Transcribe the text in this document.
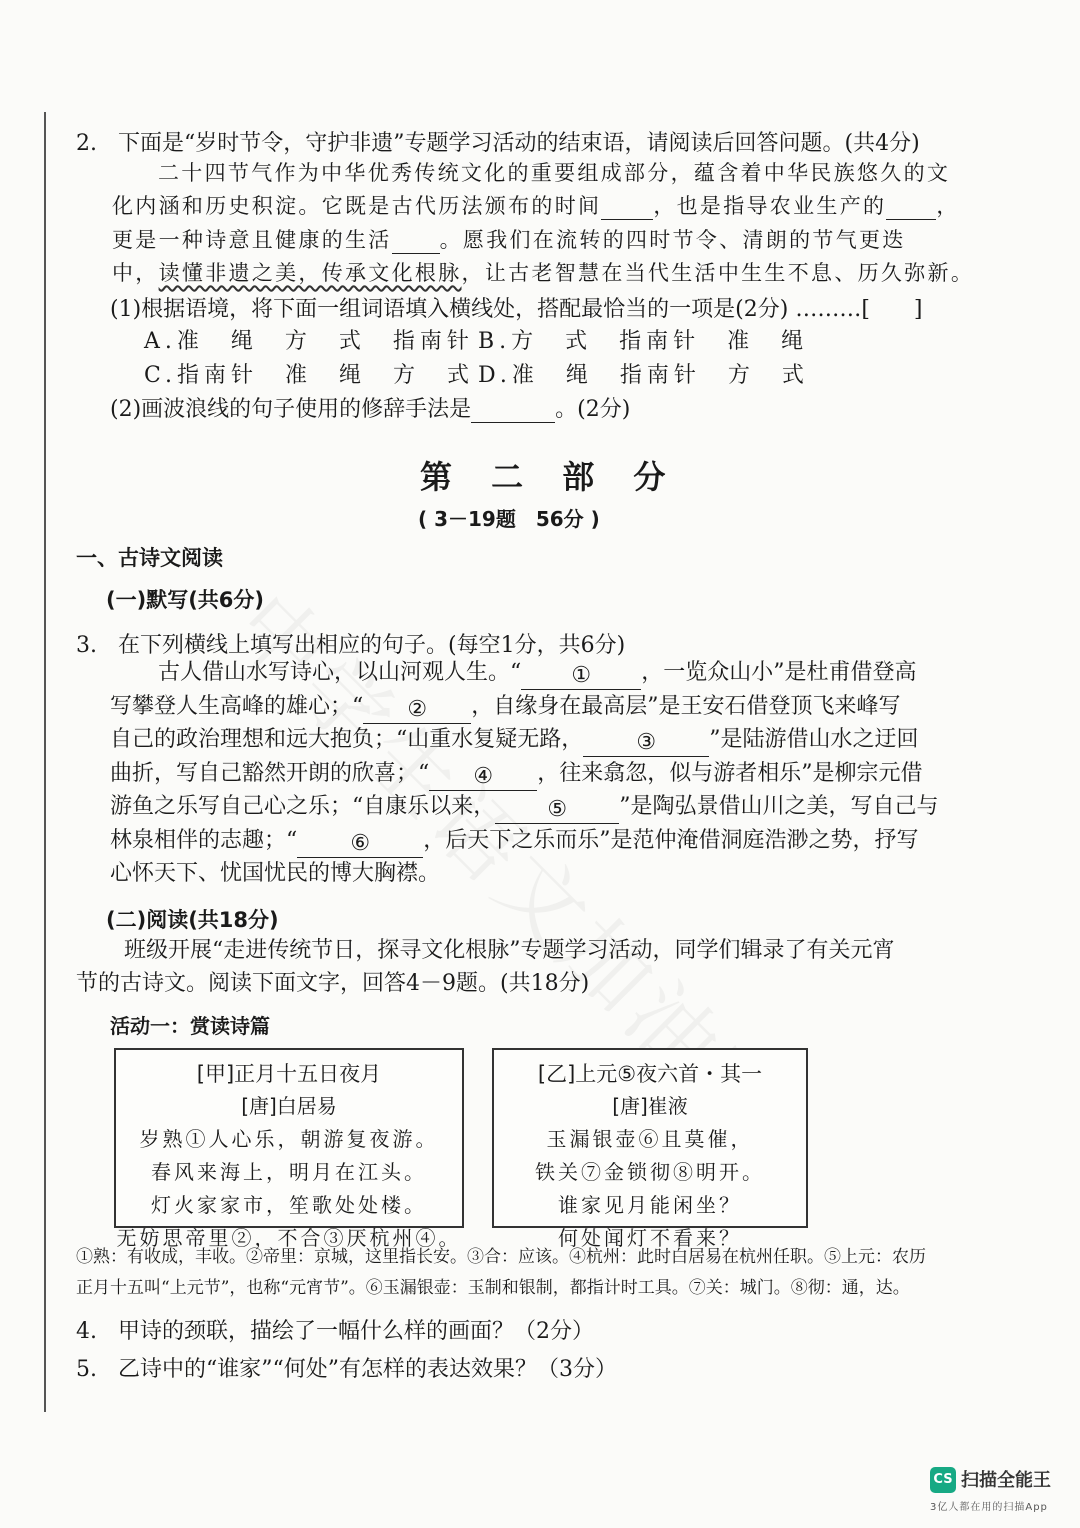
2. 下面是“岁时节令，守护非遗”专题学习活动的结束语，请阅读后回答问题。(共4分)
二十四节气作为中华优秀传统文化的重要组成部分，蕴含着中华民族悠久的文
化内涵和历史积淀。它既是古代历法颁布的时间 ，也是指导农业生产的 ，
更是一种诗意且健康的生活 。愿我们在流转的四时节令、清朗的节气更迭
中，读懂非遗之美，传承文化根脉，让古老智慧在当代生活中生生不息、历久弥新。
(1)根据语境，将下面一组词语填入横线处，搭配最恰当的一项是(2分) ………[　　]
A.准　绳　方　式　指南针 B.方　式　指南针　准　绳
C.指南针　准　绳　方　式 D.准　绳　指南针　方　式
(2)画波浪线的句子使用的修辞手法是	。(2分)
第 二 部 分
( 3－19题　56分 )
一、古诗文阅读
(一)默写(共6分)
3. 在下列横线上填写出相应的句子。(每空1分，共6分)
古人借山水写诗心，以山河观人生。“ ① ，一览众山小”是杜甫借登高
写攀登人生高峰的雄心；“ ② ，自缘身在最高层”是王安石借登顶飞来峰写
自己的政治理想和远大抱负；“山重水复疑无路， ③ ”是陆游借山水之迂回
曲折，写自己豁然开朗的欣喜；“ ④ ，往来翕忽，似与游者相乐”是柳宗元借
游鱼之乐写自己心之乐；“自康乐以来， ⑤ ”是陶弘景借山川之美，写自己与
林泉相伴的志趣；“ ⑥ ，后天下之乐而乐”是范仲淹借洞庭浩渺之势，抒写
心怀天下、忧国忧民的博大胸襟。
(二)阅读(共18分)
班级开展“走进传统节日，探寻文化根脉”专题学习活动，同学们辑录了有关元宵
节的古诗文。阅读下面文字，回答4－9题。(共18分)
活动一：赏读诗篇
[甲]正月十五日夜月
[唐]白居易
岁熟①人心乐，朝游复夜游。
春风来海上，明月在江头。
灯火家家市，笙歌处处楼。
无妨思帝里②，不合③厌杭州④。
[乙]上元⑤夜六首・其一
[唐]崔液
玉漏银壶⑥且莫催，
铁关⑦金锁彻⑧明开。
谁家见月能闲坐？
何处闻灯不看来？
①熟：有收成，丰收。②帝里：京城，这里指长安。③合：应该。④杭州：此时白居易在杭州任职。⑤上元：农历
正月十五叫“上元节”，也称“元宵节”。⑥玉漏银壶：玉制和银制，都指计时工具。⑦关：城门。⑧彻：通，达。
4. 甲诗的颈联，描绘了一幅什么样的画面？（2分）
5. 乙诗中的“谁家”“何处”有怎样的表达效果？（3分）
CS 扫描全能王
3亿人都在用的扫描App
